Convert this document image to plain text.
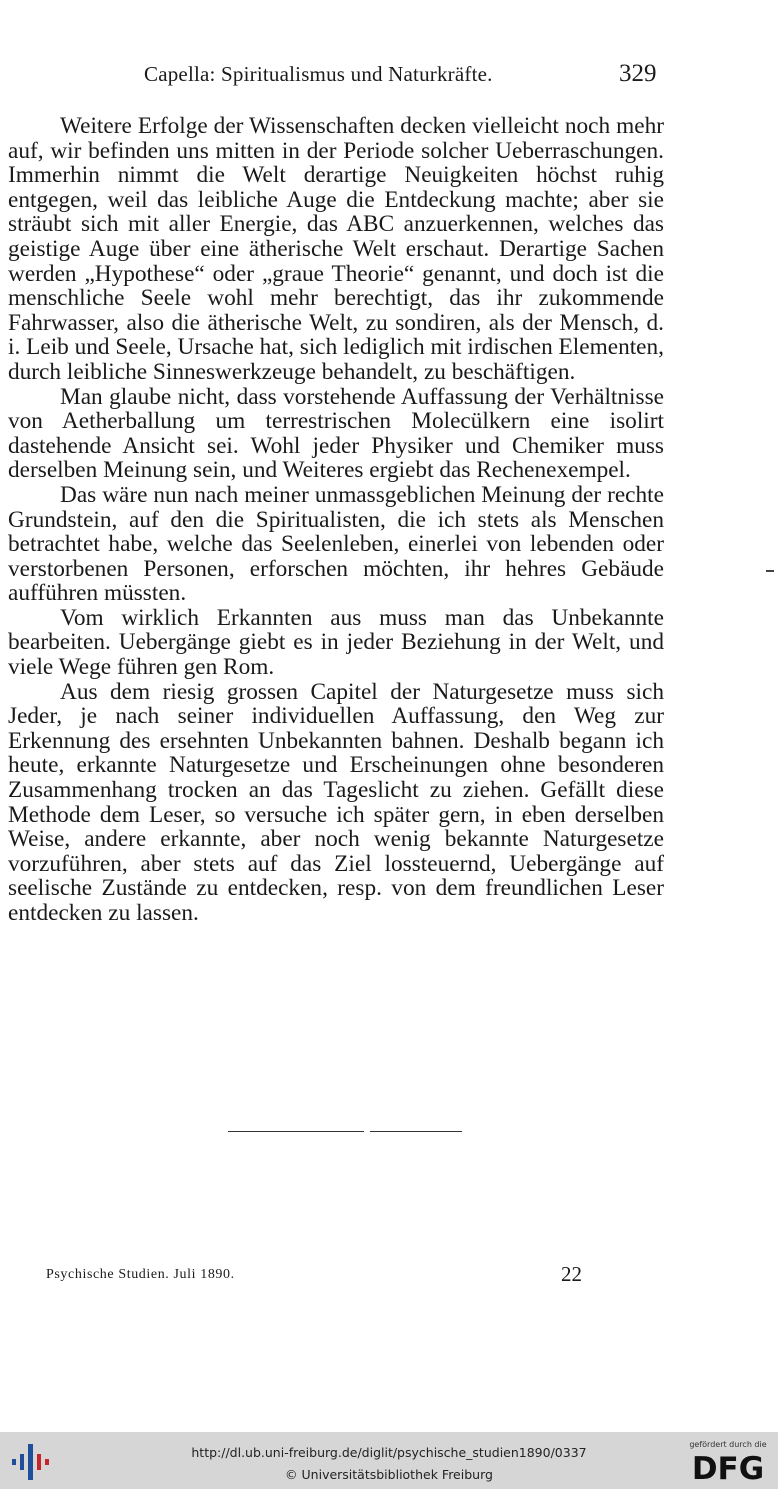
Capella: Spiritualismus und Naturkräfte.	329

Weitere Erfolge der Wissenschaften decken vielleicht noch mehr auf, wir befinden uns mitten in der Periode solcher Ueberraschungen. Immerhin nimmt die Welt derartige Neuigkeiten höchst ruhig entgegen, weil das leibliche Auge die Entdeckung machte; aber sie sträubt sich mit aller Energie, das ABC anzuerkennen, welches das geistige Auge über eine ätherische Welt erschaut. Derartige Sachen werden „Hypothese“ oder „graue Theorie“ genannt, und doch ist die menschliche Seele wohl mehr berechtigt, das ihr zukommende Fahrwasser, also die ätherische Welt, zu sondiren, als der Mensch, d. i. Leib und Seele, Ursache hat, sich lediglich mit irdischen Elementen, durch leibliche Sinneswerkzeuge behandelt, zu beschäftigen.

Man glaube nicht, dass vorstehende Auffassung der Verhältnisse von Aetherballung um terrestrischen Molecülkern eine isolirt dastehende Ansicht sei. Wohl jeder Physiker und Chemiker muss derselben Meinung sein, und Weiteres ergiebt das Rechenexempel.

Das wäre nun nach meiner unmassgeblichen Meinung der rechte Grundstein, auf den die Spiritualisten, die ich stets als Menschen betrachtet habe, welche das Seelenleben, einerlei von lebenden oder verstorbenen Personen, erforschen möchten, ihr hehres Gebäude aufführen müssten.

Vom wirklich Erkannten aus muss man das Unbekannte bearbeiten. Uebergänge giebt es in jeder Beziehung in der Welt, und viele Wege führen gen Rom.

Aus dem riesig grossen Capitel der Naturgesetze muss sich Jeder, je nach seiner individuellen Auffassung, den Weg zur Erkennung des ersehnten Unbekannten bahnen. Deshalb begann ich heute, erkannte Naturgesetze und Erscheinungen ohne besonderen Zusammenhang trocken an das Tageslicht zu ziehen. Gefällt diese Methode dem Leser, so versuche ich später gern, in eben derselben Weise, andere erkannte, aber noch wenig bekannte Naturgesetze vorzuführen, aber stets auf das Ziel lossteuernd, Uebergänge auf seelische Zustände zu entdecken, resp. von dem freundlichen Leser entdecken zu lassen.

Psychische Studien. Juli 1890.	22
http://dl.ub.uni-freiburg.de/diglit/psychische_studien1890/0337
© Universitätsbibliothek Freiburg
gefördert durch die
DFG
